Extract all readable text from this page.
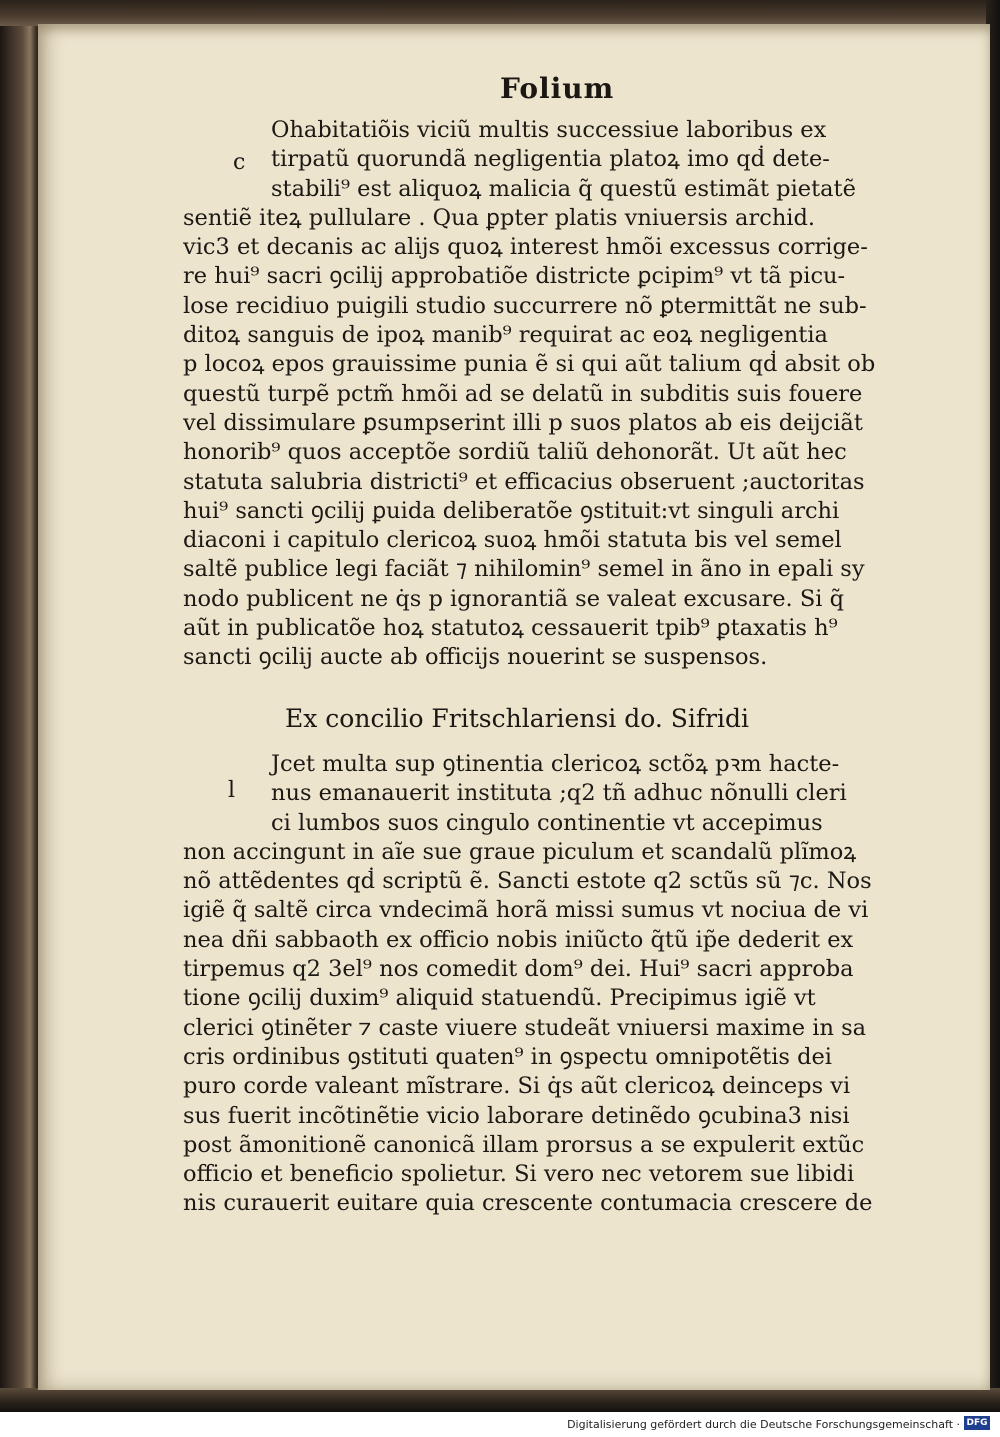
Folium
c
Ohabitatiõis viciũ multis successiue laboribus ex
tirpatũ quorundã negligentia platoꝝ imo qḋ dete-
stabili⁹ est aliquoꝝ malicia q̃ questũ estimãt pietatẽ
sentiẽ iteꝝ pullulare . Qua ꝑpter platis vniuersis archid.
vic3 et decanis ac alijs quoꝝ interest hmõi excessus corrige-
re hui⁹ sacri ꝯcilij approbatiõe districte ꝑcipim⁹ vt tã picu-
lose recidiuo puigili studio succurrere nõ ꝑtermittãt ne sub-
ditoꝝ sanguis de ipoꝝ manib⁹ requirat ac eoꝝ negligentia
p locoꝝ epos grauissime punia ẽ si qui aũt talium qḋ absit ob
questũ turpẽ pctm̃ hmõi ad se delatũ in subditis suis fouere
vel dissimulare ꝑsumpserint illi p suos platos ab eis deijciãt
honorib⁹ quos acceptõe sordiũ taliũ dehonorãt. Ut aũt hec
statuta salubria districti⁹ et efficacius obseruent ;auctoritas
hui⁹ sancti ꝯcilij ꝑuida deliberatõe ꝯstituit:vt singuli archi
diaconi i capitulo clericoꝝ suoꝝ hmõi statuta bis vel semel
saltẽ publice legi faciãt ⁊ nihilomin⁹ semel in ãno in epali sy
nodo publicent ne q̇s p ignorantiã se valeat excusare. Si q̃
aũt in publicatõe hoꝝ statutoꝝ cessauerit tpib⁹ ꝑtaxatis h⁹
sancti ꝯcilij aucte ab officijs nouerint se suspensos.
Ex concilio Fritschlariensi do. Sifridi
l
Jcet multa sup ꝯtinentia clericoꝝ sctõꝝ pꝛm hacte-
nus emanauerit instituta ;q2 tñ adhuc nõnulli cleri
ci lumbos suos cingulo continentie vt accepimus
non accingunt in aĩe sue graue piculum et scandalũ plĩmoꝝ
nõ attẽdentes qḋ scriptũ ẽ. Sancti estote q2 sctũs sũ ⁊c. Nos
igiẽ q̃ saltẽ circa vndecimã horã missi sumus vt nociua de vi
nea dñi sabbaoth ex officio nobis iniũcto q̃tũ ip̃e dederit ex
tirpemus q2 3el⁹ nos comedit dom⁹ dei. Hui⁹ sacri approba
tione ꝯcilij duxim⁹ aliquid statuendũ. Precipimus igiẽ vt
clerici ꝯtinẽter ⁊ caste viuere studeãt vniuersi maxime in sa
cris ordinibus ꝯstituti quaten⁹ in ꝯspectu omnipotẽtis dei
puro corde valeant mĩstrare. Si q̇s aũt clericoꝝ deinceps vi
sus fuerit incõtinẽtie vicio laborare detinẽdo ꝯcubina3 nisi
post ãmonitionẽ canonicã illam prorsus a se expulerit extũc
officio et beneficio spolietur. Si vero nec vetorem sue libidi
nis curauerit euitare quia crescente contumacia crescere de
Digitalisierung gefördert durch die Deutsche Forschungsgemeinschaft · DFG
